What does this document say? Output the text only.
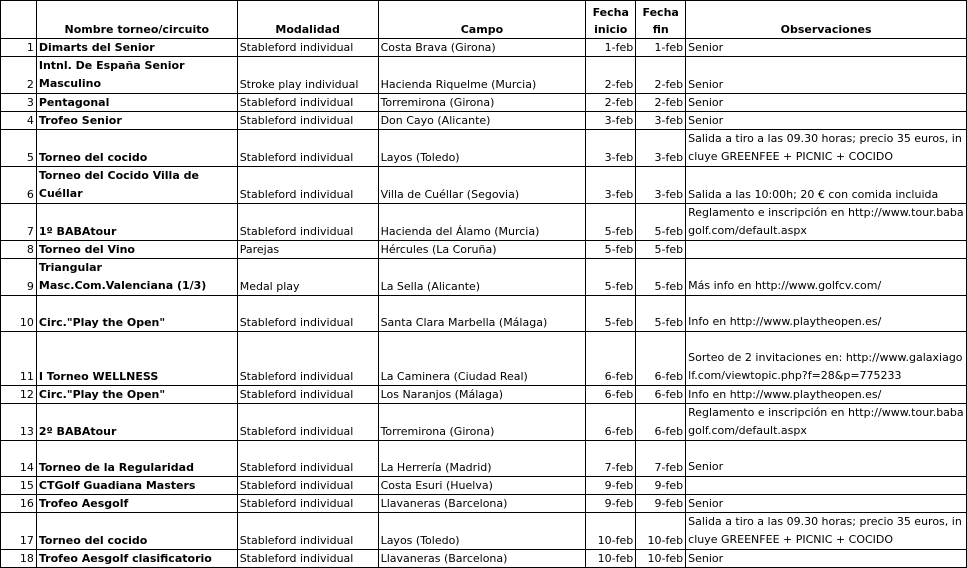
	Nombre torneo/circuito	Modalidad	Campo	Fecha inicio	Fecha fin	Observaciones
1	Dimarts del Senior	Stableford individual	Costa Brava (Girona)	1-feb	1-feb	Senior
2	Intnl. De España Senior Masculino	Stroke play individual	Hacienda Riquelme (Murcia)	2-feb	2-feb	Senior
3	Pentagonal	Stableford individual	Torremirona (Girona)	2-feb	2-feb	Senior
4	Trofeo Senior	Stableford individual	Don Cayo (Alicante)	3-feb	3-feb	Senior
5	Torneo del cocido	Stableford individual	Layos (Toledo)	3-feb	3-feb	Salida a tiro a las 09.30 horas; precio 35 euros, incluye GREENFEE + PICNIC + COCIDO
6	Torneo del Cocido Villa de Cuéllar	Stableford individual	Villa de Cuéllar (Segovia)	3-feb	3-feb	Salida a las 10:00h; 20 € con comida incluida
7	1º BABAtour	Stableford individual	Hacienda del Álamo (Murcia)	5-feb	5-feb	Reglamento e inscripción en http://www.tour.babagolf.com/default.aspx
8	Torneo del Vino	Parejas	Hércules (La Coruña)	5-feb	5-feb	
9	Triangular Masc.Com.Valenciana (1/3)	Medal play	La Sella (Alicante)	5-feb	5-feb	Más info en http://www.golfcv.com/
10	Circ."Play the Open"	Stableford individual	Santa Clara Marbella (Málaga)	5-feb	5-feb	Info en http://www.playtheopen.es/
11	I Torneo WELLNESS	Stableford individual	La Caminera (Ciudad Real)	6-feb	6-feb	Sorteo de 2 invitaciones en: http://www.galaxiagolf.com/viewtopic.php?f=28&p=775233
12	Circ."Play the Open"	Stableford individual	Los Naranjos (Málaga)	6-feb	6-feb	Info en http://www.playtheopen.es/
13	2º BABAtour	Stableford individual	Torremirona (Girona)	6-feb	6-feb	Reglamento e inscripción en http://www.tour.babagolf.com/default.aspx
14	Torneo de la Regularidad	Stableford individual	La Herrería (Madrid)	7-feb	7-feb	Senior
15	CTGolf Guadiana Masters	Stableford individual	Costa Esuri (Huelva)	9-feb	9-feb	
16	Trofeo Aesgolf	Stableford individual	Llavaneras (Barcelona)	9-feb	9-feb	Senior
17	Torneo del cocido	Stableford individual	Layos (Toledo)	10-feb	10-feb	Salida a tiro a las 09.30 horas; precio 35 euros, incluye GREENFEE + PICNIC + COCIDO
18	Trofeo Aesgolf clasificatorio	Stableford individual	Llavaneras (Barcelona)	10-feb	10-feb	Senior
